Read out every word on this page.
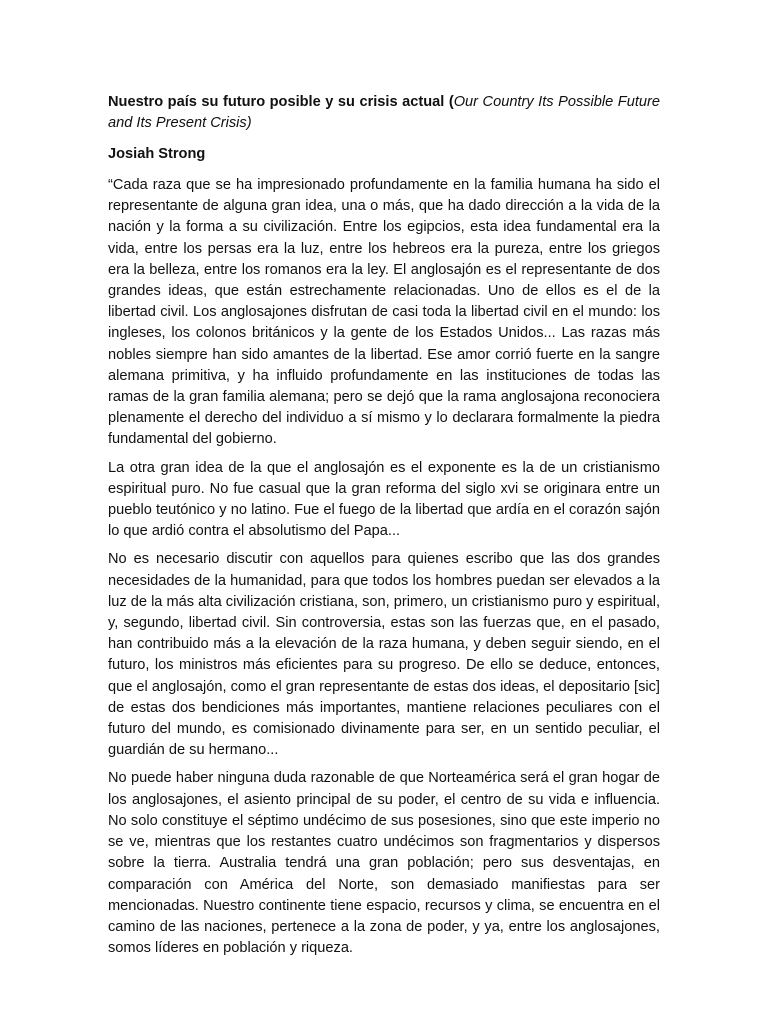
Nuestro país su futuro posible y su crisis actual (Our Country Its Possible Future and Its Present Crisis)
Josiah Strong

“Cada raza que se ha impresionado profundamente en la familia humana ha sido el representante de alguna gran idea, una o más, que ha dado dirección a la vida de la nación y la forma a su civilización. Entre los egipcios, esta idea fundamental era la vida, entre los persas era la luz, entre los hebreos era la pureza, entre los griegos era la belleza, entre los romanos era la ley. El anglosajón es el representante de dos grandes ideas, que están estrechamente relacionadas. Uno de ellos es el de la libertad civil. Los anglosajones disfrutan de casi toda la libertad civil en el mundo: los ingleses, los colonos británicos y la gente de los Estados Unidos... Las razas más nobles siempre han sido amantes de la libertad. Ese amor corrió fuerte en la sangre alemana primitiva, y ha influido profundamente en las instituciones de todas las ramas de la gran familia alemana; pero se dejó que la rama anglosajona reconociera plenamente el derecho del individuo a sí mismo y lo declarara formalmente la piedra fundamental del gobierno.

La otra gran idea de la que el anglosajón es el exponente es la de un cristianismo espiritual puro. No fue casual que la gran reforma del siglo xvi se originara entre un pueblo teutónico y no latino. Fue el fuego de la libertad que ardía en el corazón sajón lo que ardió contra el absolutismo del Papa...

No es necesario discutir con aquellos para quienes escribo que las dos grandes necesidades de la humanidad, para que todos los hombres puedan ser elevados a la luz de la más alta civilización cristiana, son, primero, un cristianismo puro y espiritual, y, segundo, libertad civil. Sin controversia, estas son las fuerzas que, en el pasado, han contribuido más a la elevación de la raza humana, y deben seguir siendo, en el futuro, los ministros más eficientes para su progreso. De ello se deduce, entonces, que el anglosajón, como el gran representante de estas dos ideas, el depositario [sic] de estas dos bendiciones más importantes, mantiene relaciones peculiares con el futuro del mundo, es comisionado divinamente para ser, en un sentido peculiar, el guardián de su hermano...

No puede haber ninguna duda razonable de que Norteamérica será el gran hogar de los anglosajones, el asiento principal de su poder, el centro de su vida e influencia. No solo constituye el séptimo undécimo de sus posesiones, sino que este imperio no se ve, mientras que los restantes cuatro undécimos son fragmentarios y dispersos sobre la tierra. Australia tendrá una gran población; pero sus desventajas, en comparación con América del Norte, son demasiado manifiestas para ser mencionadas. Nuestro continente tiene espacio, recursos y clima, se encuentra en el camino de las naciones, pertenece a la zona de poder, y ya, entre los anglosajones, somos líderes en población y riqueza.
